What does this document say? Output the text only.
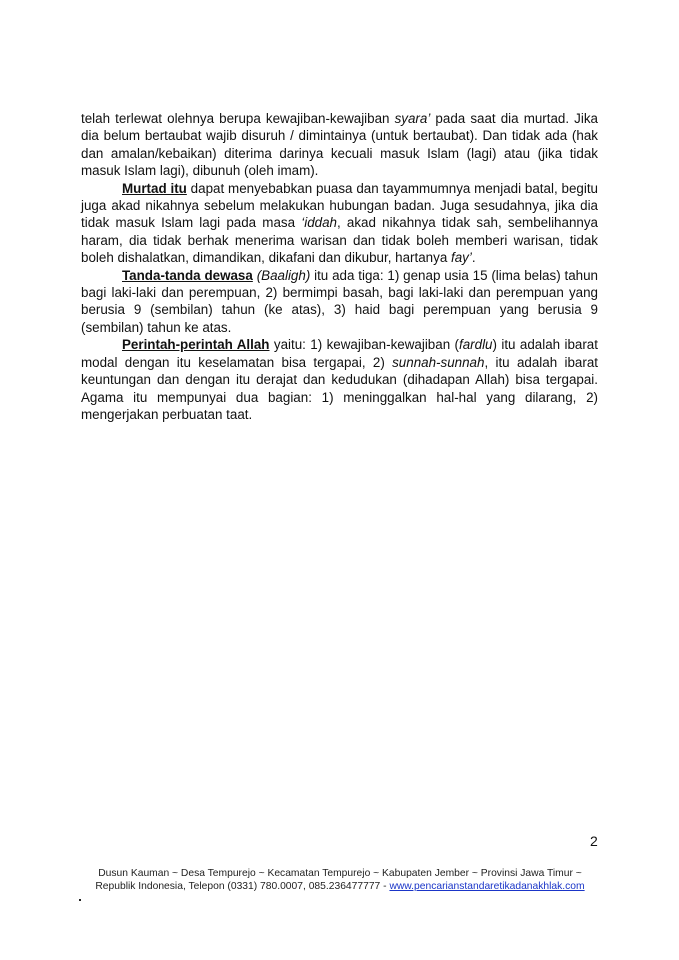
telah terlewat olehnya berupa kewajiban-kewajiban syara’ pada saat dia murtad. Jika dia belum bertaubat wajib disuruh / dimintainya (untuk bertaubat). Dan tidak ada (hak dan amalan/kebaikan) diterima darinya kecuali masuk Islam (lagi) atau (jika tidak masuk Islam lagi), dibunuh (oleh imam).

Murtad itu dapat menyebabkan puasa dan tayammumnya menjadi batal, begitu juga akad nikahnya sebelum melakukan hubungan badan. Juga sesudahnya, jika dia tidak masuk Islam lagi pada masa ‘iddah, akad nikahnya tidak sah, sembelihannya haram, dia tidak berhak menerima warisan dan tidak boleh memberi warisan, tidak boleh dishalatkan, dimandikan, dikafani dan dikubur, hartanya fay’.

Tanda-tanda dewasa (Baaligh) itu ada tiga: 1) genap usia 15 (lima belas) tahun bagi laki-laki dan perempuan, 2) bermimpi basah, bagi laki-laki dan perempuan yang berusia 9 (sembilan) tahun (ke atas), 3) haid bagi perempuan yang berusia 9 (sembilan) tahun ke atas.

Perintah-perintah Allah yaitu: 1) kewajiban-kewajiban (fardlu) itu adalah ibarat modal dengan itu keselamatan bisa tergapai, 2) sunnah-sunnah, itu adalah ibarat keuntungan dan dengan itu derajat dan kedudukan (dihadapan Allah) bisa tergapai. Agama itu mempunyai dua bagian: 1) meninggalkan hal-hal yang dilarang, 2) mengerjakan perbuatan taat.

2
Dusun Kauman ~ Desa Tempurejo ~ Kecamatan Tempurejo ~ Kabupaten Jember ~ Provinsi Jawa Timur ~
Republik Indonesia, Telepon (0331) 780.0007, 085.236477777 - www.pencarianstandaretikadanakhlak.com
